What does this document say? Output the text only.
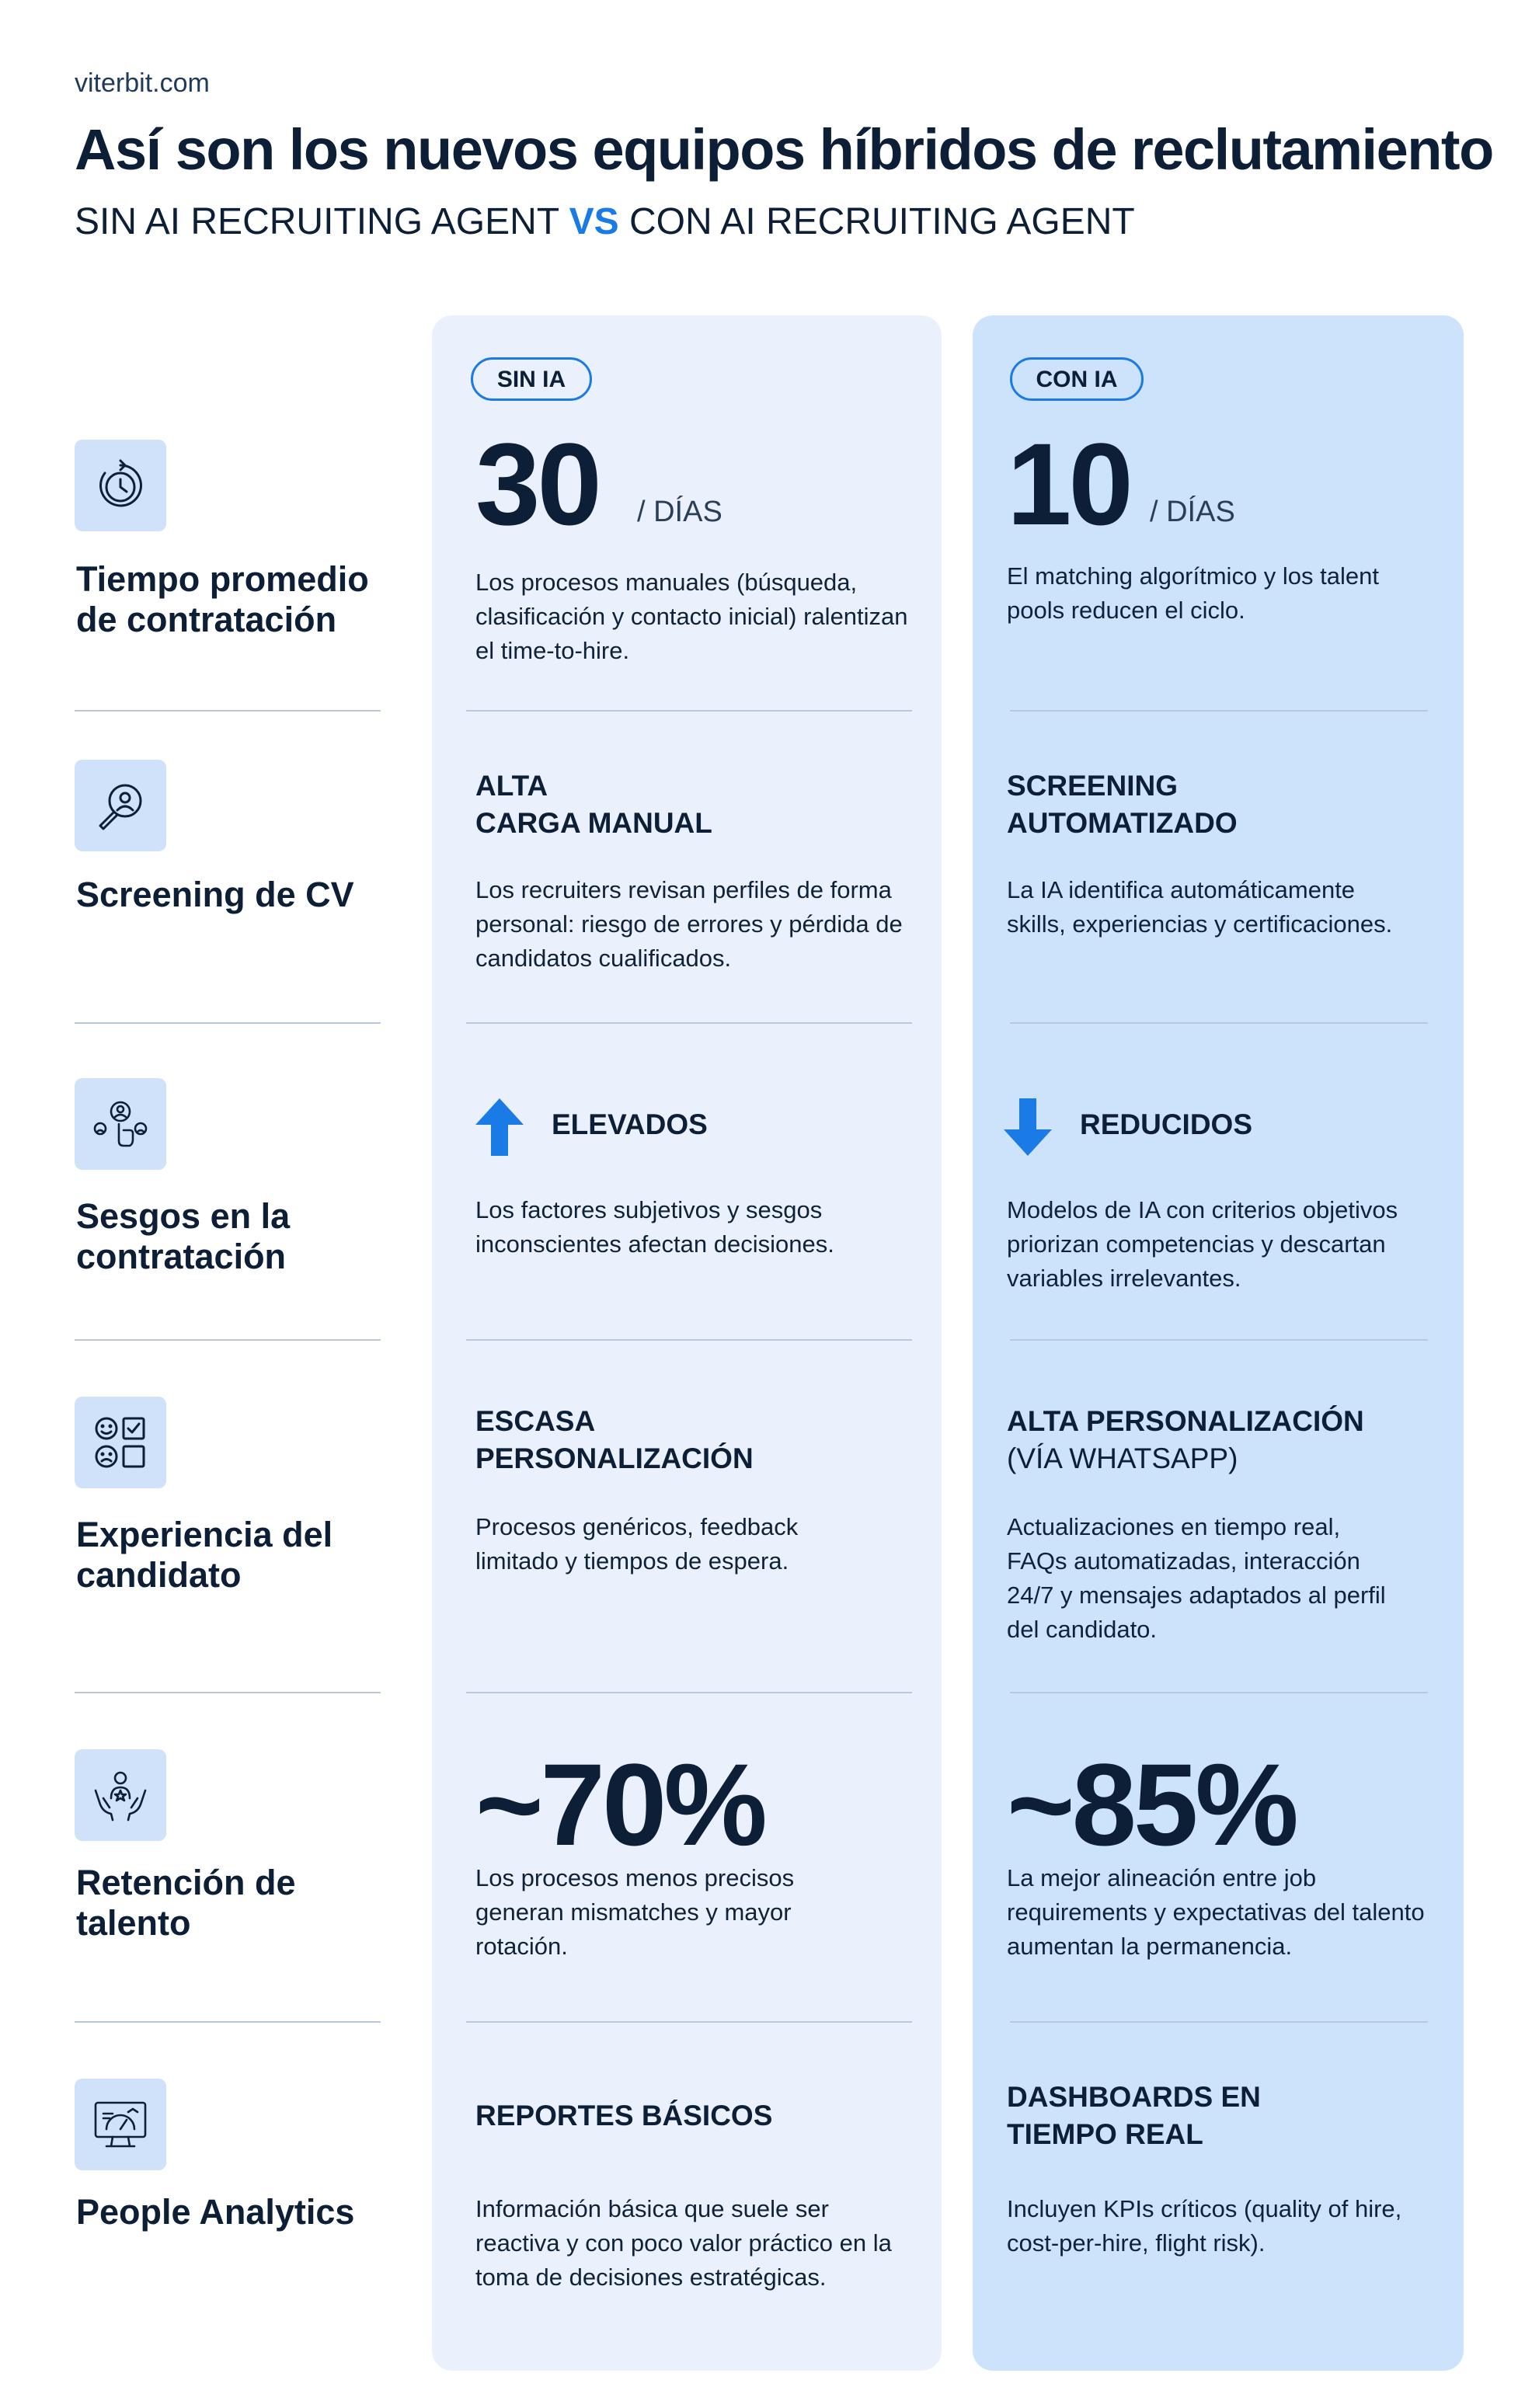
viterbit.com
Así son los nuevos equipos híbridos de reclutamiento
SIN AI RECRUITING AGENT VS CON AI RECRUITING AGENT
SIN IA	CON IA
Tiempo promedio de contratación
30 / DÍAS
Los procesos manuales (búsqueda, clasificación y contacto inicial) ralentizan el time-to-hire.
10 / DÍAS
El matching algorítmico y los talent pools reducen el ciclo.
Screening de CV
ALTA
CARGA MANUAL
Los recruiters revisan perfiles de forma personal: riesgo de errores y pérdida de candidatos cualificados.
SCREENING
AUTOMATIZADO
La IA identifica automáticamente skills, experiencias y certificaciones.
Sesgos en la contratación
ELEVADOS
Los factores subjetivos y sesgos inconscientes afectan decisiones.
REDUCIDOS
Modelos de IA con criterios objetivos priorizan competencias y descartan variables irrelevantes.
Experiencia del candidato
ESCASA
PERSONALIZACIÓN
Procesos genéricos, feedback limitado y tiempos de espera.
ALTA PERSONALIZACIÓN
(VÍA WHATSAPP)
Actualizaciones en tiempo real, FAQs automatizadas, interacción 24/7 y mensajes adaptados al perfil del candidato.
Retención de talento
~70%
Los procesos menos precisos generan mismatches y mayor rotación.
~85%
La mejor alineación entre job requirements y expectativas del talento aumentan la permanencia.
People Analytics
REPORTES BÁSICOS
Información básica que suele ser reactiva y con poco valor práctico en la toma de decisiones estratégicas.
DASHBOARDS EN
TIEMPO REAL
Incluyen KPIs críticos (quality of hire, cost-per-hire, flight risk).
